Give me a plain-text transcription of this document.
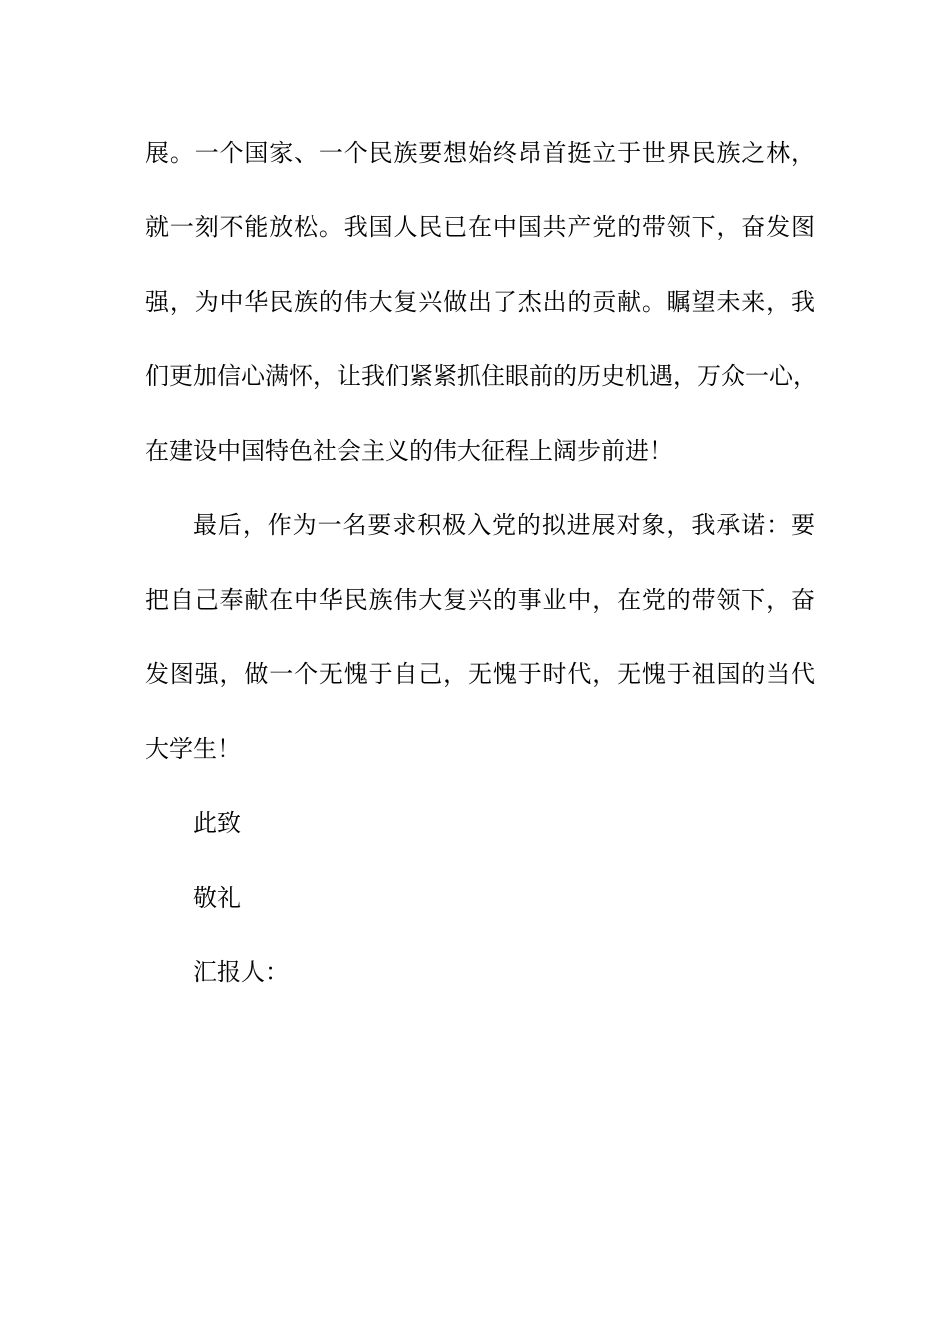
展。一个国家、一个民族要想始终昂首挺立于世界民族之林，
就一刻不能放松。我国人民已在中国共产党的带领下，奋发图
强，为中华民族的伟大复兴做出了杰出的贡献。瞩望未来，我
们更加信心满怀，让我们紧紧抓住眼前的历史机遇，万众一心，
在建设中国特色社会主义的伟大征程上阔步前进！
最后，作为一名要求积极入党的拟进展对象，我承诺：要
把自己奉献在中华民族伟大复兴的事业中，在党的带领下，奋
发图强，做一个无愧于自己，无愧于时代，无愧于祖国的当代
大学生！
此致
敬礼
汇报人：
